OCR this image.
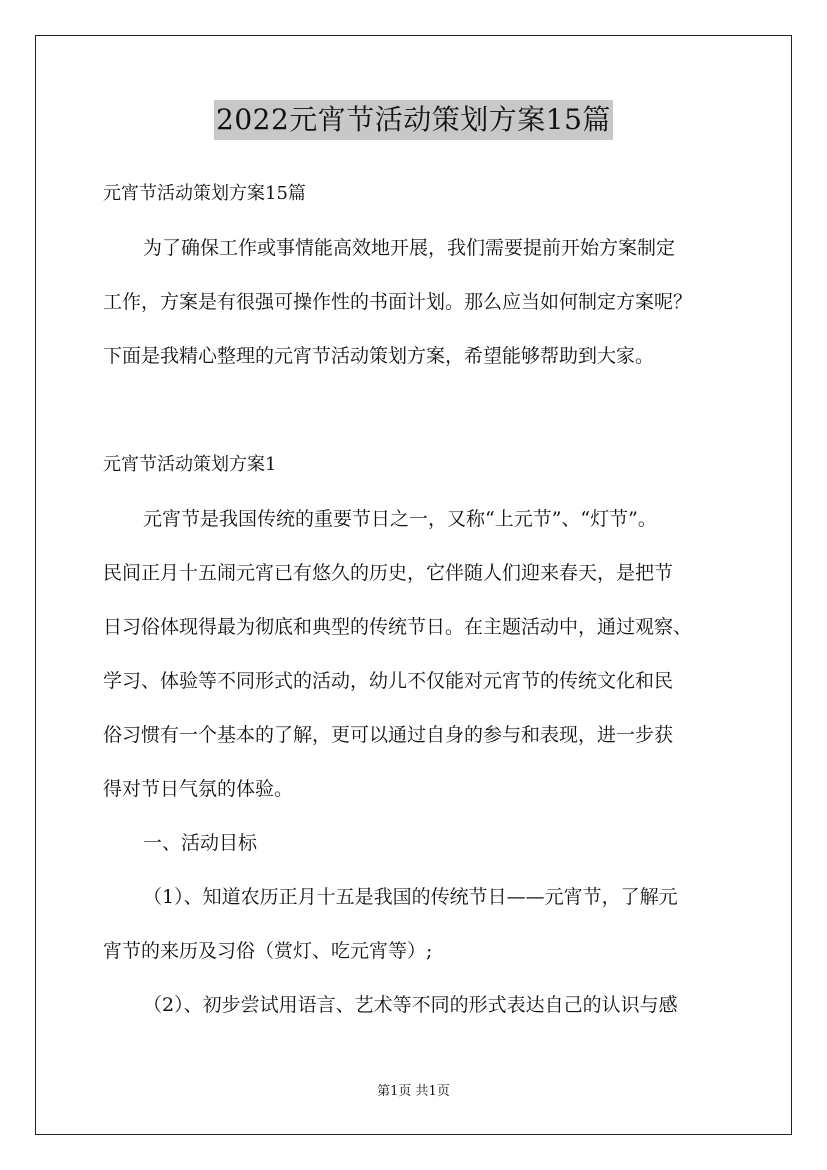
2022元宵节活动策划方案15篇
元宵节活动策划方案15篇
为了确保工作或事情能高效地开展，我们需要提前开始方案制定
工作，方案是有很强可操作性的书面计划。那么应当如何制定方案呢？
下面是我精心整理的元宵节活动策划方案，希望能够帮助到大家。
元宵节活动策划方案1
元宵节是我国传统的重要节日之一，又称“上元节”、“灯节”。
民间正月十五闹元宵已有悠久的历史，它伴随人们迎来春天，是把节
日习俗体现得最为彻底和典型的传统节日。在主题活动中，通过观察、
学习、体验等不同形式的活动，幼儿不仅能对元宵节的传统文化和民
俗习惯有一个基本的了解，更可以通过自身的参与和表现，进一步获
得对节日气氛的体验。
一、活动目标
（1）、知道农历正月十五是我国的传统节日——元宵节，了解元
宵节的来历及习俗（赏灯、吃元宵等）;
（2）、初步尝试用语言、艺术等不同的形式表达自己的认识与感
第1页 共1页
